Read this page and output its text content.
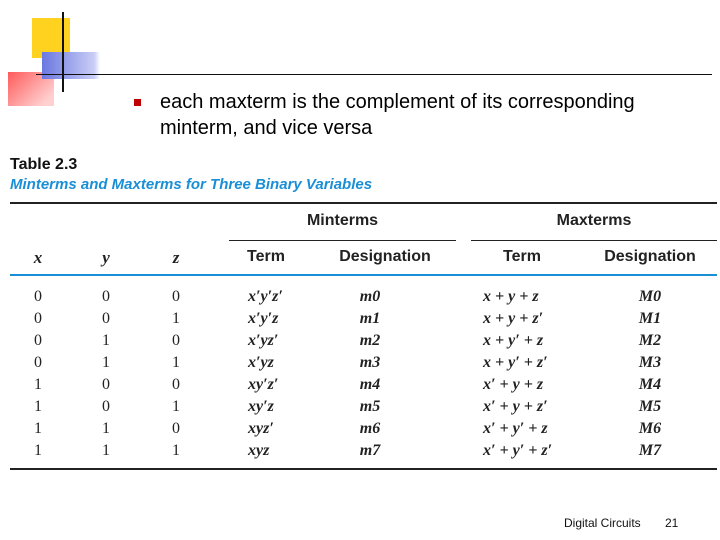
each maxterm is the complement of its corresponding minterm, and vice versa
Table 2.3
Minterms and Maxterms for Three Binary Variables
Minterms	Maxterms
x	y	z	Term	Designation	Term	Designation
0	0	0	x′y′z′	m0	x + y + z	M0
0	0	1	x′y′z	m1	x + y + z′	M1
0	1	0	x′yz′	m2	x + y′ + z	M2
0	1	1	x′yz	m3	x + y′ + z′	M3
1	0	0	xy′z′	m4	x′ + y + z	M4
1	0	1	xy′z	m5	x′ + y + z′	M5
1	1	0	xyz′	m6	x′ + y′ + z	M6
1	1	1	xyz	m7	x′ + y′ + z′	M7
Digital Circuits 21
